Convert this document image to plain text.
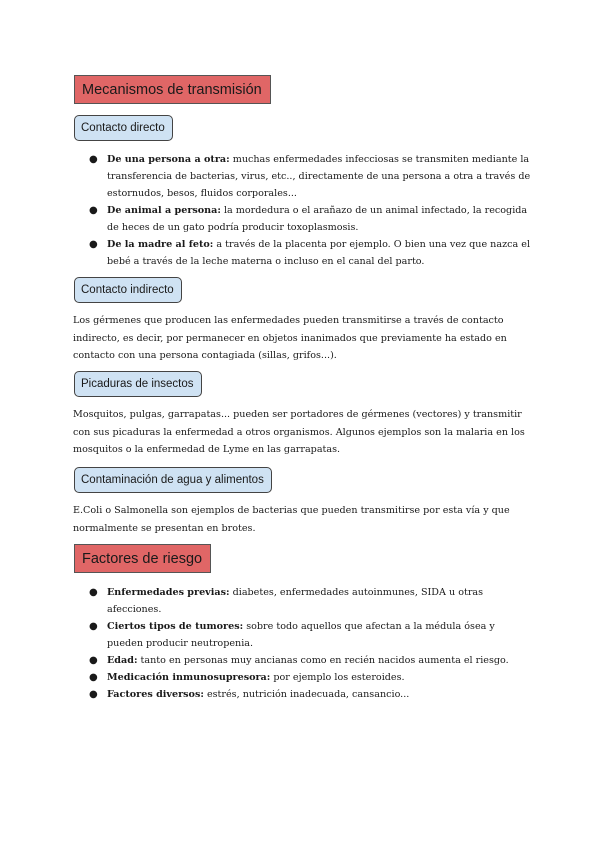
Mecanismos de transmisión
Contacto directo
● De una persona a otra: muchas enfermedades infecciosas se transmiten mediante la transferencia de bacterias, virus, etc.., directamente de una persona a otra a través de estornudos, besos, fluidos corporales...
● De animal a persona: la mordedura o el arañazo de un animal infectado, la recogida de heces de un gato podría producir toxoplasmosis.
● De la madre al feto: a través de la placenta por ejemplo. O bien una vez que nazca el bebé a través de la leche materna o incluso en el canal del parto.
Contacto indirecto

Los gérmenes que producen las enfermedades pueden transmitirse a través de contacto indirecto, es decir, por permanecer en objetos inanimados que previamente ha estado en contacto con una persona contagiada (sillas, grifos...).

Picaduras de insectos

Mosquitos, pulgas, garrapatas... pueden ser portadores de gérmenes (vectores) y transmitir con sus picaduras la enfermedad a otros organismos. Algunos ejemplos son la malaria en los mosquitos o la enfermedad de Lyme en las garrapatas.

Contaminación de agua y alimentos

E.Coli o Salmonella son ejemplos de bacterias que pueden transmitirse por esta vía y que normalmente se presentan en brotes.

Factores de riesgo
● Enfermedades previas: diabetes, enfermedades autoinmunes, SIDA u otras afecciones.
● Ciertos tipos de tumores: sobre todo aquellos que afectan a la médula ósea y pueden producir neutropenia.
● Edad: tanto en personas muy ancianas como en recién nacidos aumenta el riesgo.
● Medicación inmunosupresora: por ejemplo los esteroides.
● Factores diversos: estrés, nutrición inadecuada, cansancio...
